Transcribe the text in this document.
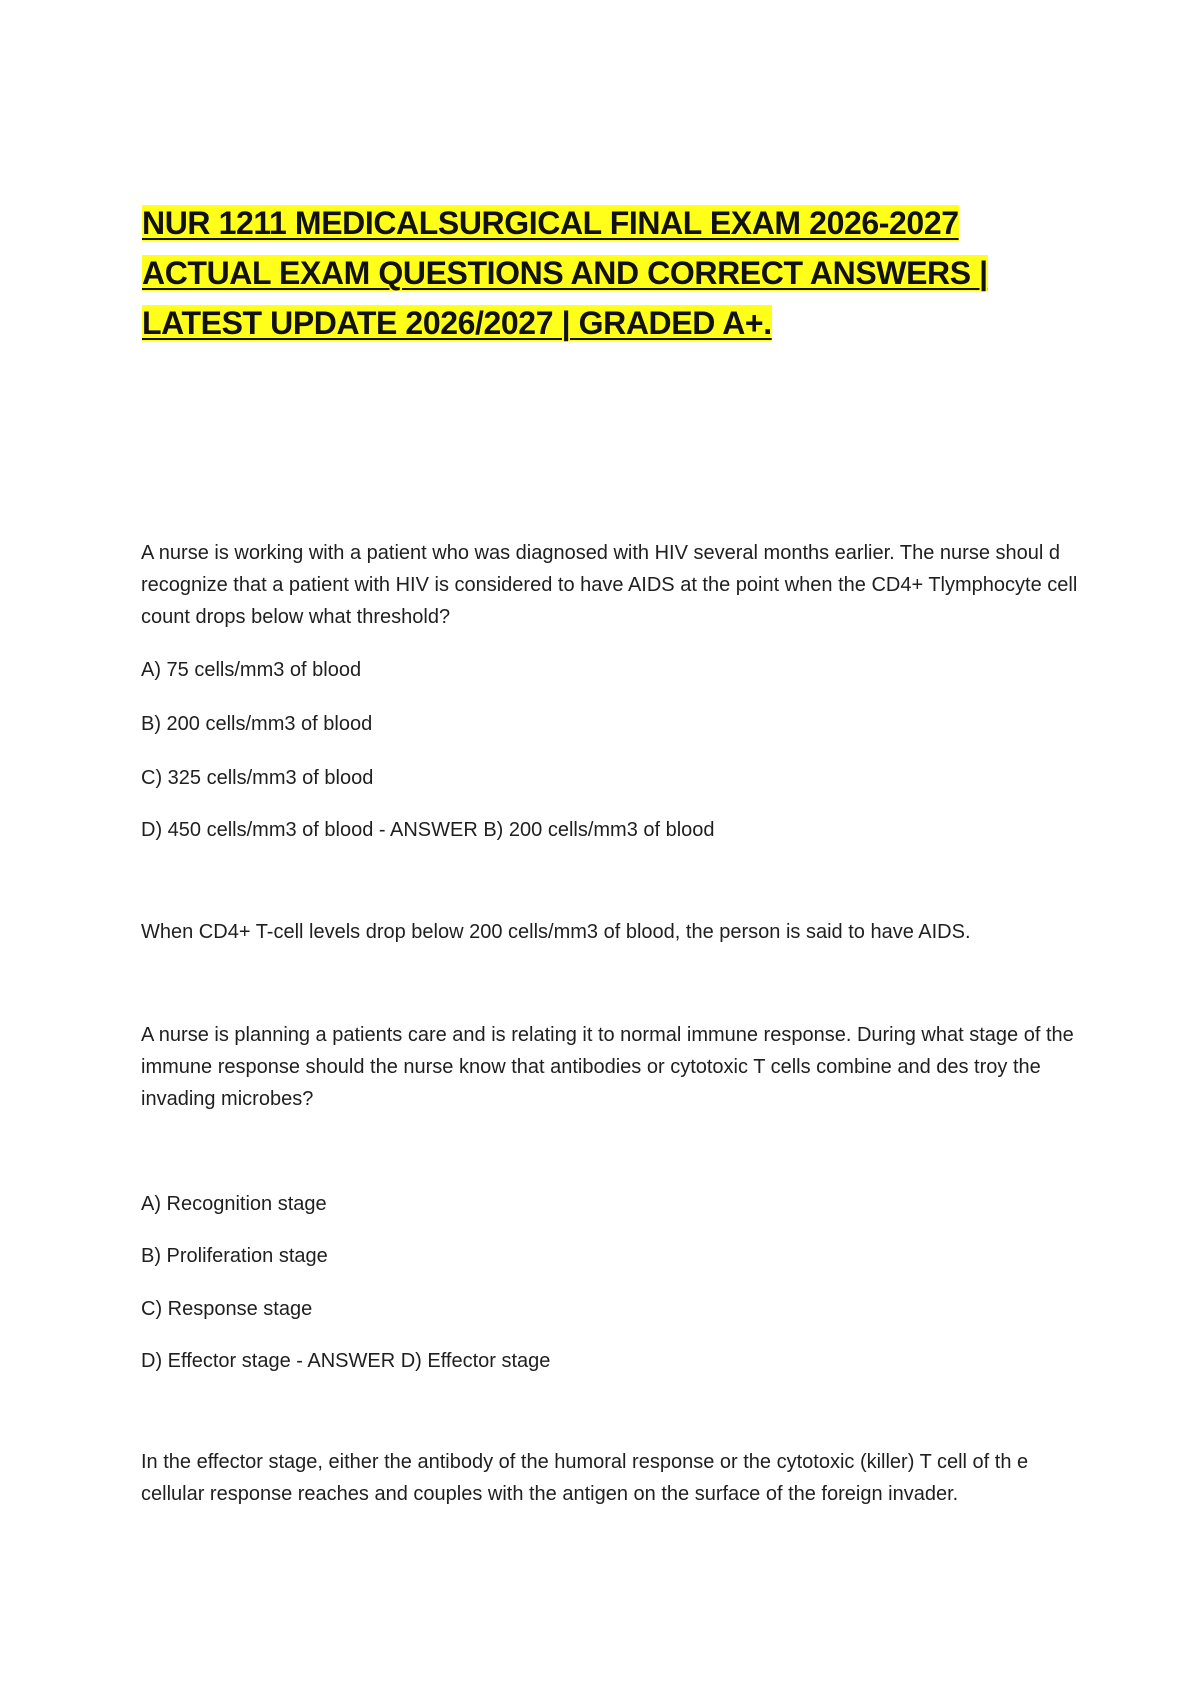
NUR 1211 MEDICALSURGICAL FINAL EXAM 2026-2027 ACTUAL EXAM QUESTIONS AND CORRECT ANSWERS | LATEST UPDATE 2026/2027 | GRADED A+.

A nurse is working with a patient who was diagnosed with HIV several months earlier. The nurse shoul d recognize that a patient with HIV is considered to have AIDS at the point when the CD4+ Tlymphocyte cell count drops below what threshold?

A) 75 cells/mm3 of blood

B) 200 cells/mm3 of blood

C) 325 cells/mm3 of blood

D) 450 cells/mm3 of blood - ANSWER B) 200 cells/mm3 of blood

When CD4+ T-cell levels drop below 200 cells/mm3 of blood, the person is said to have AIDS.

A nurse is planning a patients care and is relating it to normal immune response. During what stage of the immune response should the nurse know that antibodies or cytotoxic T cells combine and des troy the invading microbes?

A) Recognition stage

B) Proliferation stage

C) Response stage

D) Effector stage - ANSWER D) Effector stage

In the effector stage, either the antibody of the humoral response or the cytotoxic (killer) T cell of th e cellular response reaches and couples with the antigen on the surface of the foreign invader.
